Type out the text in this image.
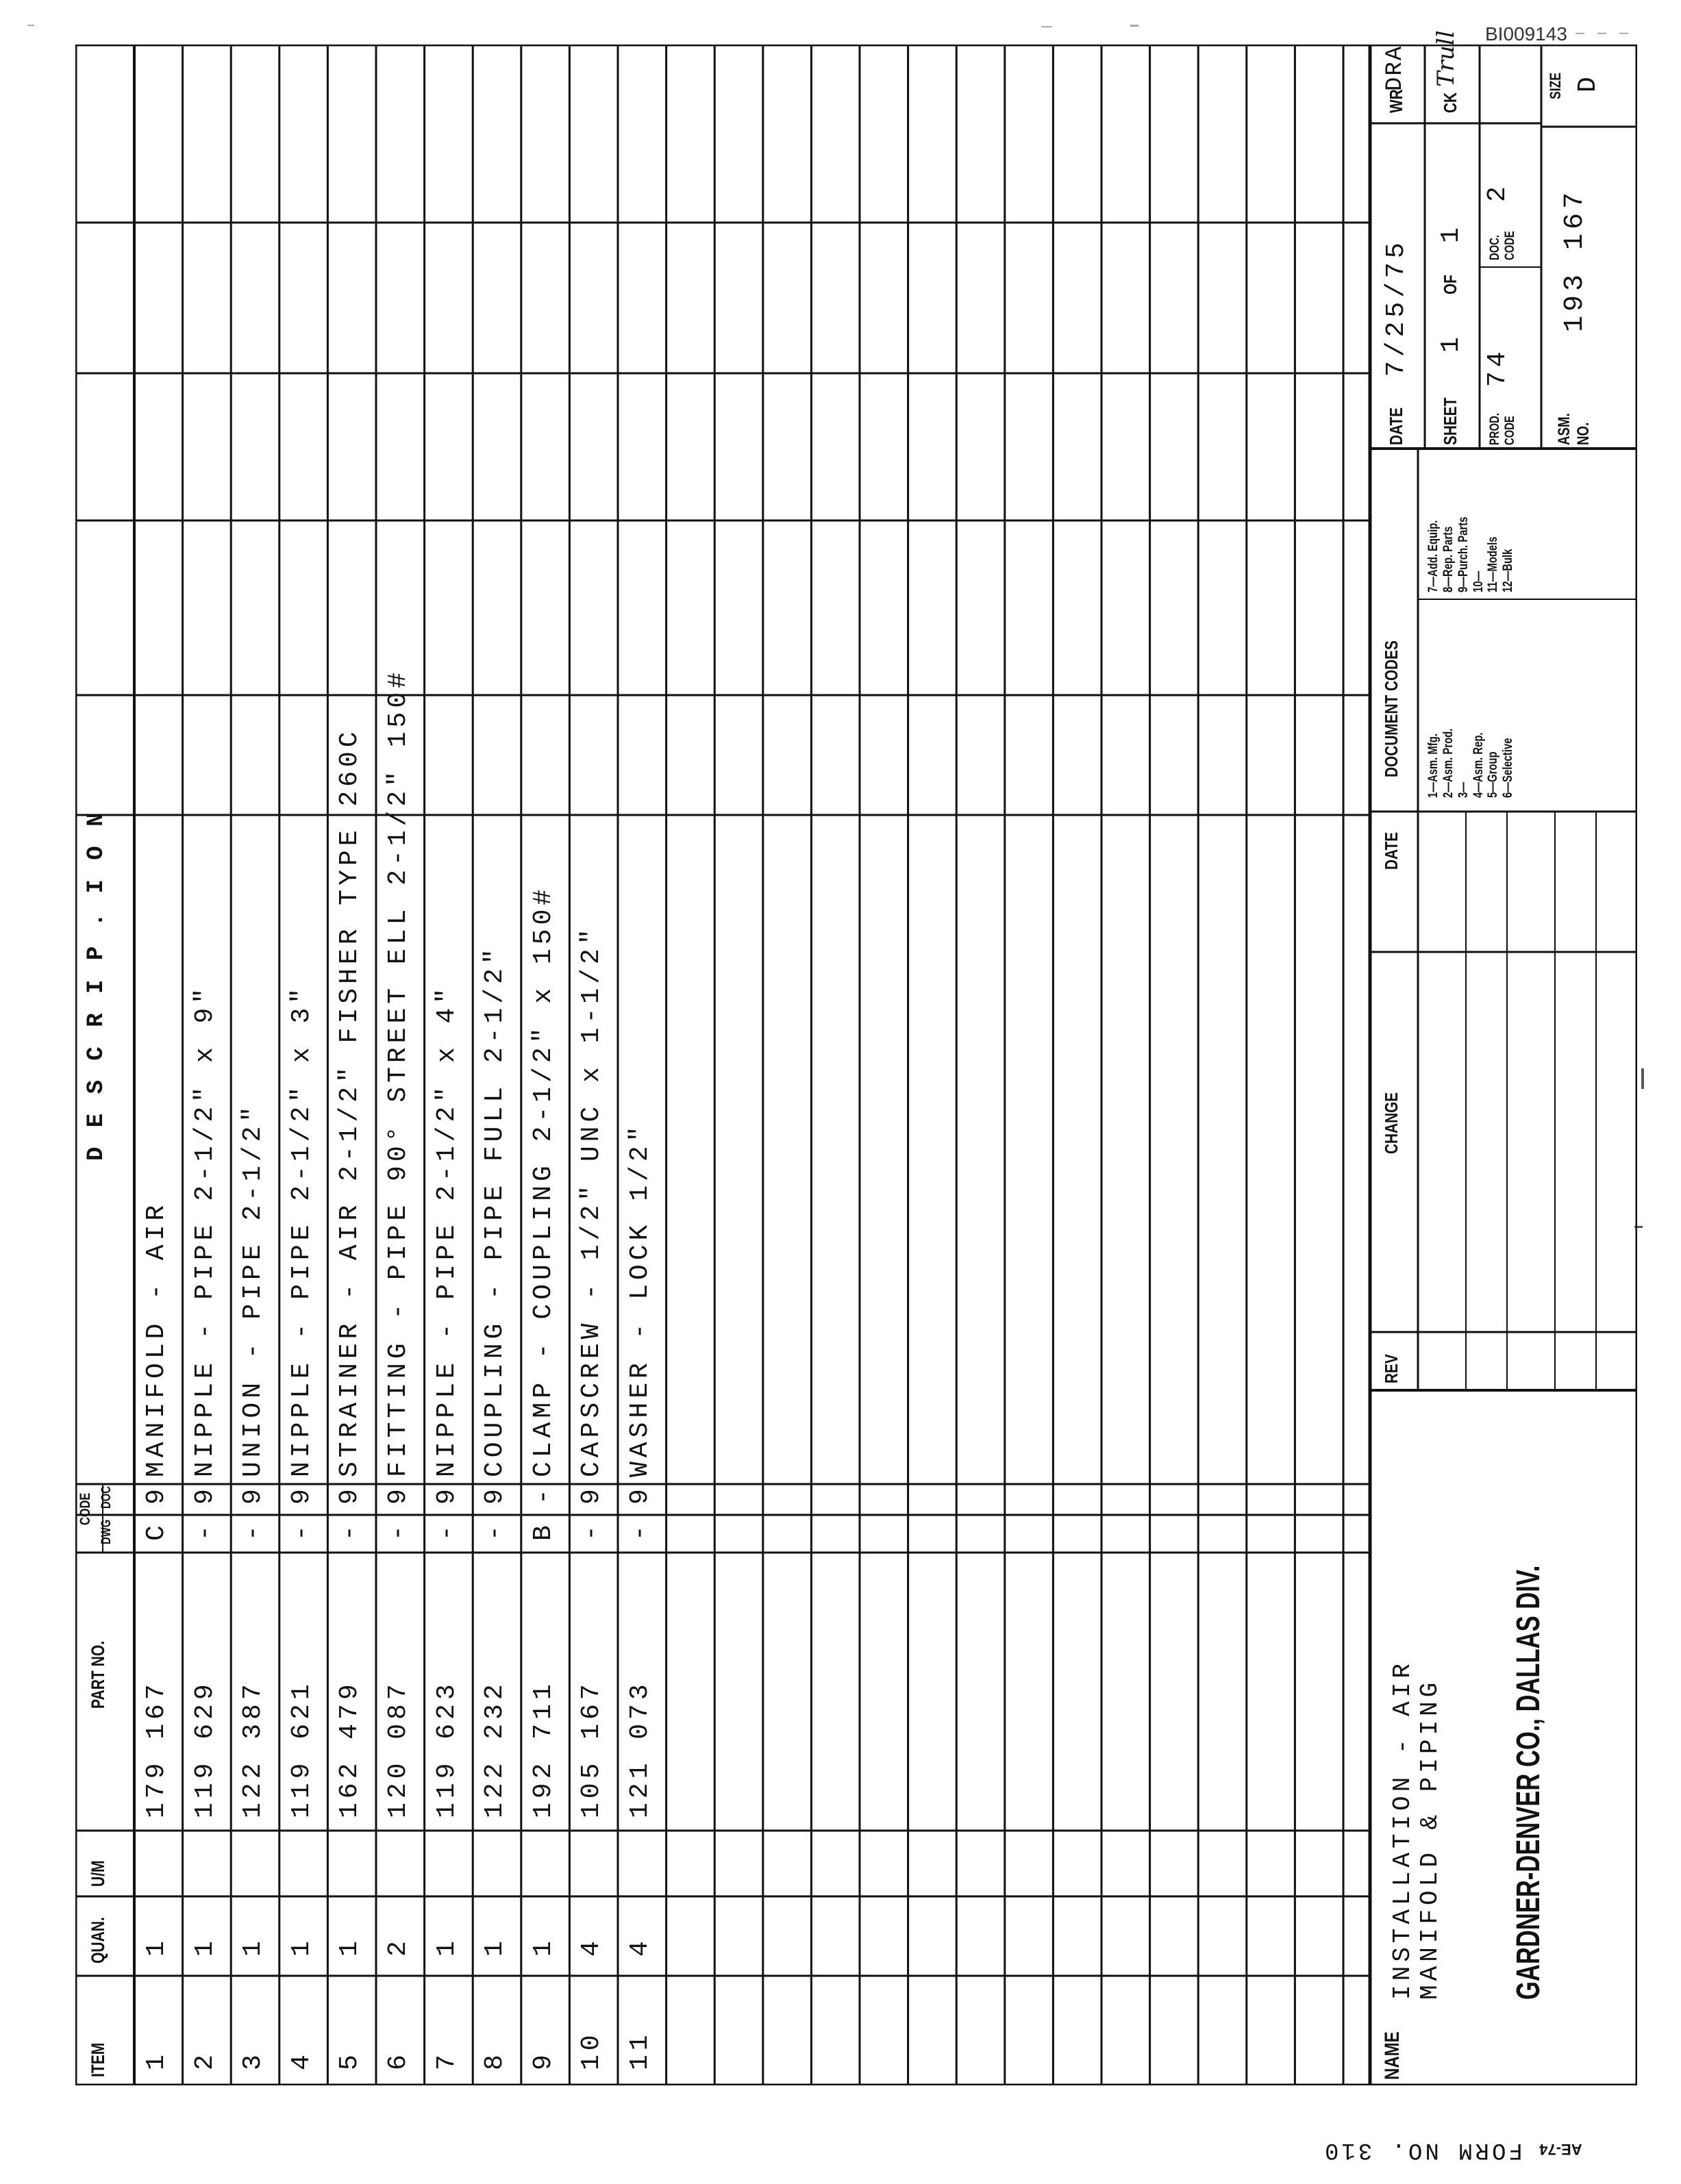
BI009143 – – –
ITEM
QUAN.
U/M
PART NO.
CODE
DWG
DOC
D E S C R I P . I O N
1
1
179 167
C
9
MANIFOLD - AIR
2
1
119 629
-
9
NIPPLE - PIPE 2-1/2" x 9"
3
1
122 387
-
9
UNION - PIPE 2-1/2"
4
1
119 621
-
9
NIPPLE - PIPE 2-1/2" x 3"
5
1
162 479
-
9
STRAINER - AIR 2-1/2" FISHER TYPE 260C
6
2
120 087
-
9
FITTING - PIPE 90° STREET ELL 2-1/2" 150#
7
1
119 623
-
9
NIPPLE - PIPE 2-1/2" x 4"
8
1
122 232
-
9
COUPLING - PIPE FULL 2-1/2"
9
1
192 711
B
-
CLAMP - COUPLING 2-1/2" x 150#
10
4
105 167
-
9
CAPSCREW - 1/2" UNC x 1-1/2"
11
4
121 073
-
9
WASHER - LOCK 1/2"
NAME
INSTALLATION - AIR MANIFOLD & PIPING GARDNER-DENVER CO., DALLAS DIV.
REV
CHANGE
DATE
DOCUMENT CODES 1—Asm. Mfg. 2—Asm. Prod. 3— 4—Asm. Rep. 5—Group 6—Selective
7—Add. Equip. 8—Rep. Parts 9—Purch. Parts 10— 11—Models 12—Bulk
DATE
7/25/75
WR
DRA
SHEET
1
OF
1
CK
Trull
PROD. CODE
74
DOC. CODE
2
ASM. NO.
193 167
SIZE D
AE-74 FORM NO. 310
